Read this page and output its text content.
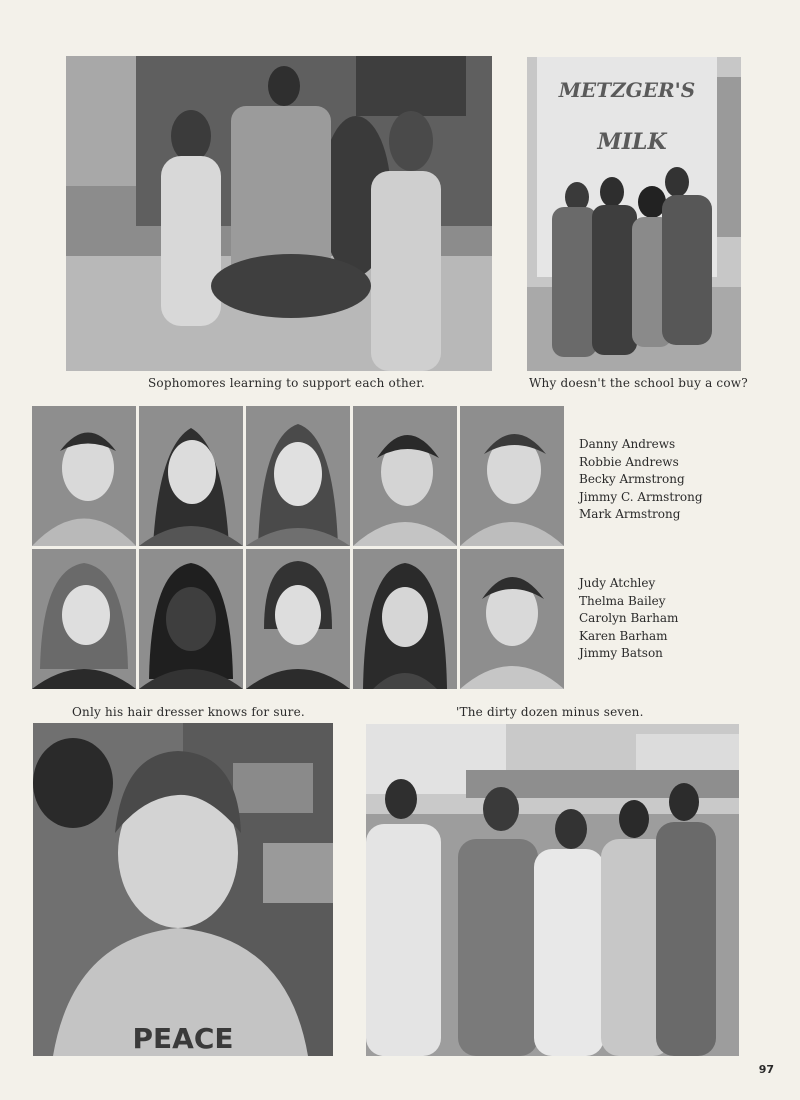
Sophomores learning to support each other.
METZGER'S
MILK
Why doesn't the school buy a cow?
Danny Andrews
Robbie Andrews
Becky Armstrong
Jimmy C. Armstrong
Mark Armstrong
Judy Atchley
Thelma Bailey
Carolyn Barham
Karen Barham
Jimmy Batson
Only his hair dresser knows for sure.	'The dirty dozen minus seven.
PEACE
97
